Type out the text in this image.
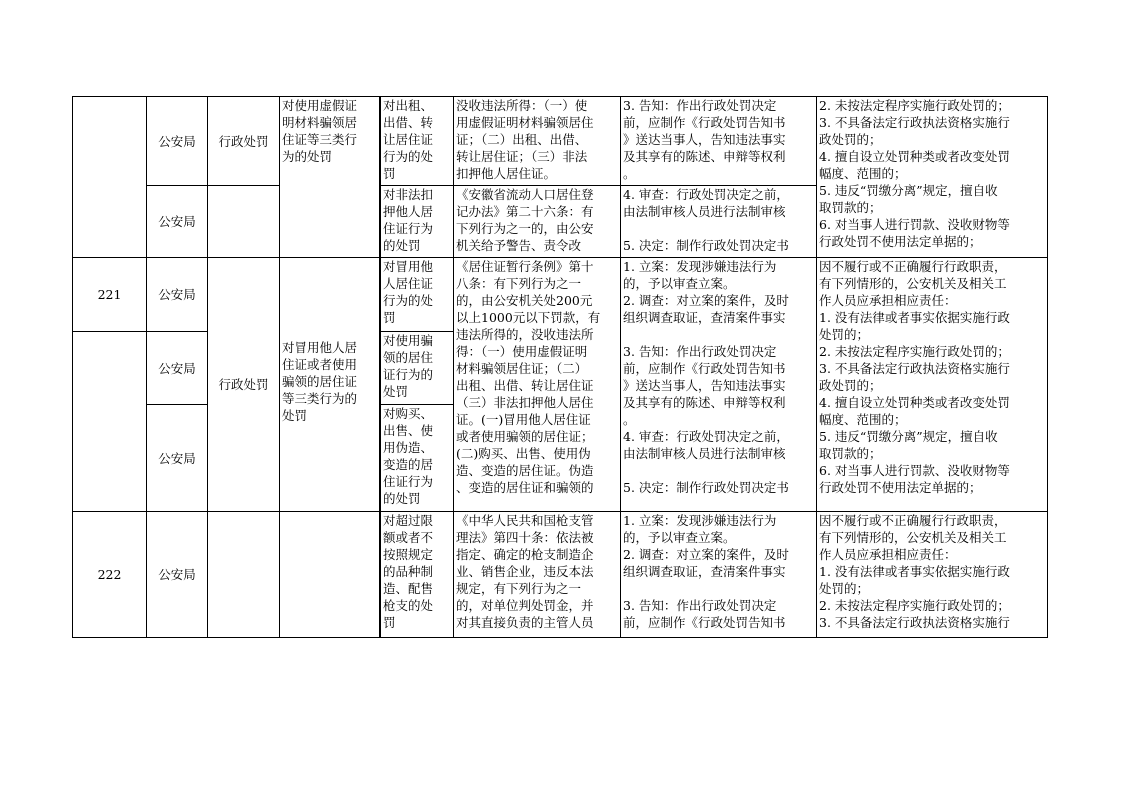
公安局
公安局
行政处罚
对使用虚假证
明材料骗领居
住证等三类行
为的处罚
对出租、
出借、转
让居住证
行为的处
罚
对非法扣
押他人居
住证行为
的处罚
没收违法所得：（一）使
用虚假证明材料骗领居住
证；（二）出租、出借、
转让居住证；（三）非法
扣押他人居住证。
《安徽省流动人口居住登
记办法》第二十六条：有
下列行为之一的，由公安
机关给予警告、责令改
3. 告知：作出行政处罚决定
前，应制作《行政处罚告知书
》送达当事人，告知违法事实
及其享有的陈述、申辩等权利
。
4. 审查：行政处罚决定之前，
由法制审核人员进行法制审核
5. 决定：制作行政处罚决定书
2. 未按法定程序实施行政处罚的；
3. 不具备法定行政执法资格实施行
政处罚的；
4. 擅自设立处罚种类或者改变处罚
幅度、范围的；
5. 违反“罚缴分离”规定，擅自收
取罚款的；
6. 对当事人进行罚款、没收财物等
行政处罚不使用法定单据的；
221	公安局
公安局
公安局
行政处罚
对冒用他人居
住证或者使用
骗领的居住证
等三类行为的
处罚
对冒用他
人居住证
行为的处
罚
对使用骗
领的居住
证行为的
处罚
对购买、
出售、使
用伪造、
变造的居
住证行为
的处罚
《居住证暂行条例》第十
八条：有下列行为之一
的，由公安机关处200元
以上1000元以下罚款，有
违法所得的，没收违法所
得：（一）使用虚假证明
材料骗领居住证；（二）
出租、出借、转让居住证
（三）非法扣押他人居住
证。(一)冒用他人居住证
或者使用骗领的居住证；
(二)购买、出售、使用伪
造、变造的居住证。伪造
、变造的居住证和骗领的
1. 立案：发现涉嫌违法行为
的，予以审查立案。
2. 调查：对立案的案件，及时
组织调查取证，查清案件事实
3. 告知：作出行政处罚决定
前，应制作《行政处罚告知书
》送达当事人，告知违法事实
及其享有的陈述、申辩等权利
。
4. 审查：行政处罚决定之前，
由法制审核人员进行法制审核
5. 决定：制作行政处罚决定书
因不履行或不正确履行行政职责，
有下列情形的，公安机关及相关工
作人员应承担相应责任：
1. 没有法律或者事实依据实施行政
处罚的；
2. 未按法定程序实施行政处罚的；
3. 不具备法定行政执法资格实施行
政处罚的；
4. 擅自设立处罚种类或者改变处罚
幅度、范围的；
5. 违反“罚缴分离”规定，擅自收
取罚款的；
6. 对当事人进行罚款、没收财物等
行政处罚不使用法定单据的；
222	公安局
对超过限
额或者不
按照规定
的品种制
造、配售
枪支的处
罚
《中华人民共和国枪支管
理法》第四十条：依法被
指定、确定的枪支制造企
业、销售企业，违反本法
规定，有下列行为之一
的，对单位判处罚金，并
对其直接负责的主管人员
1. 立案：发现涉嫌违法行为
的，予以审查立案。
2. 调查：对立案的案件，及时
组织调查取证，查清案件事实
3. 告知：作出行政处罚决定
前，应制作《行政处罚告知书
因不履行或不正确履行行政职责，
有下列情形的，公安机关及相关工
作人员应承担相应责任：
1. 没有法律或者事实依据实施行政
处罚的；
2. 未按法定程序实施行政处罚的；
3. 不具备法定行政执法资格实施行
